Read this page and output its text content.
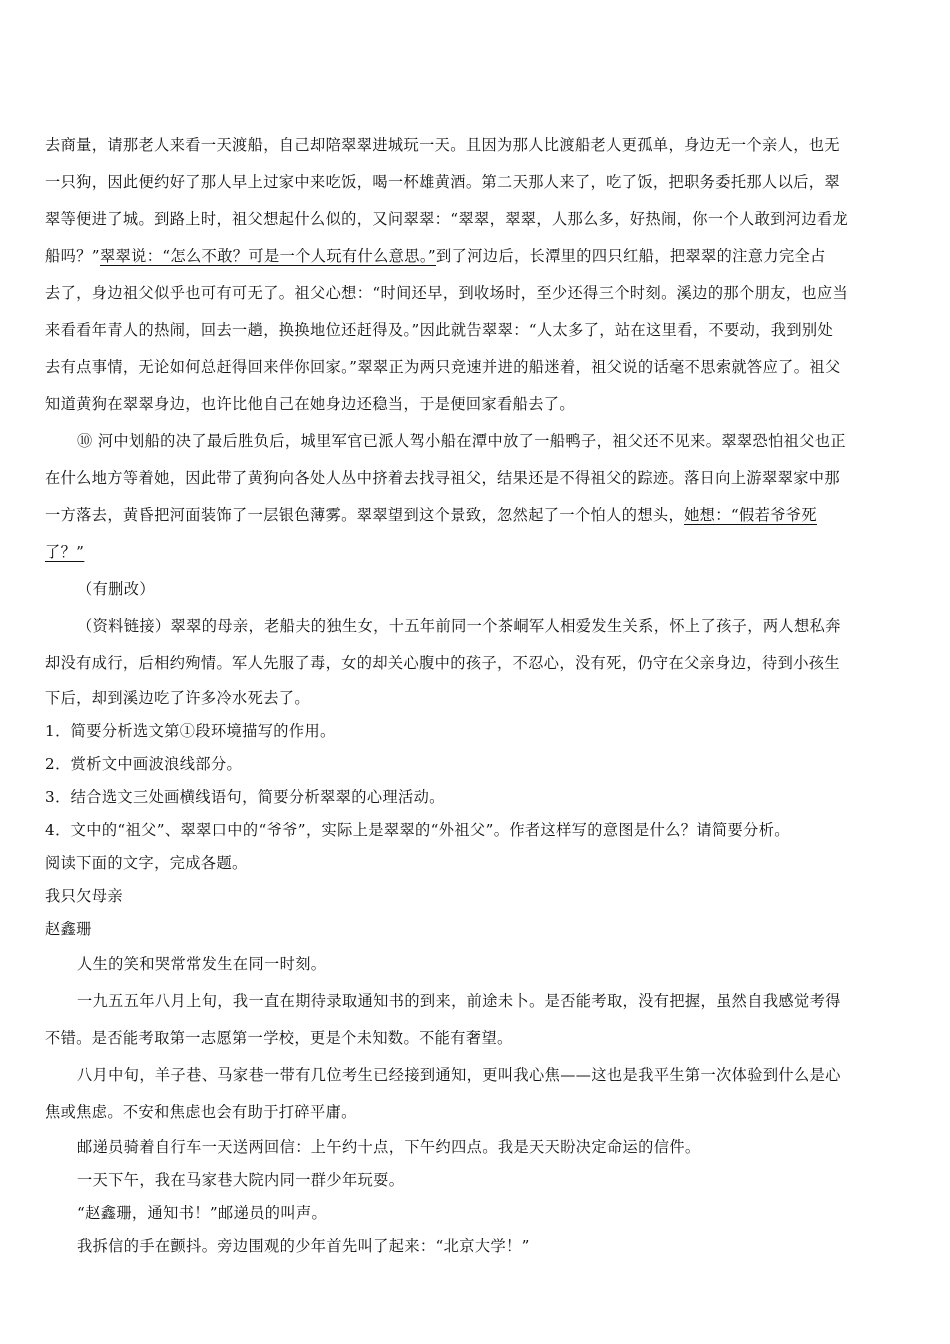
去商量，请那老人来看一天渡船，自己却陪翠翠进城玩一天。且因为那人比渡船老人更孤单，身边无一个亲人，也无
一只狗，因此便约好了那人早上过家中来吃饭，喝一杯雄黄酒。第二天那人来了，吃了饭，把职务委托那人以后，翠
翠等便进了城。到路上时，祖父想起什么似的，又问翠翠：“翠翠，翠翠，人那么多，好热闹，你一个人敢到河边看龙
船吗？”翠翠说：“怎么不敢？可是一个人玩有什么意思。”到了河边后，长潭里的四只红船，把翠翠的注意力完全占
去了，身边祖父似乎也可有可无了。祖父心想：“时间还早，到收场时，至少还得三个时刻。溪边的那个朋友，也应当
来看看年青人的热闹，回去一趟，换换地位还赶得及。”因此就告翠翠：“人太多了，站在这里看，不要动，我到别处
去有点事情，无论如何总赶得回来伴你回家。”翠翠正为两只竞速并进的船迷着，祖父说的话毫不思索就答应了。祖父
知道黄狗在翠翠身边，也许比他自己在她身边还稳当，于是便回家看船去了。
⑩ 河中划船的决了最后胜负后，城里军官已派人驾小船在潭中放了一船鸭子，祖父还不见来。翠翠恐怕祖父也正
在什么地方等着她，因此带了黄狗向各处人丛中挤着去找寻祖父，结果还是不得祖父的踪迹。落日向上游翠翠家中那
一方落去，黄昏把河面装饰了一层银色薄雾。翠翠望到这个景致，忽然起了一个怕人的想头，她想：“假若爷爷死
了？”
（有删改）
（资料链接）翠翠的母亲，老船夫的独生女，十五年前同一个茶峒军人相爱发生关系，怀上了孩子，两人想私奔
却没有成行，后相约殉情。军人先服了毒，女的却关心腹中的孩子，不忍心，没有死，仍守在父亲身边，待到小孩生
下后，却到溪边吃了许多冷水死去了。
1．简要分析选文第①段环境描写的作用。
2．赏析文中画波浪线部分。
3．结合选文三处画横线语句，简要分析翠翠的心理活动。
4．文中的“祖父”、翠翠口中的“爷爷”，实际上是翠翠的“外祖父”。作者这样写的意图是什么？请简要分析。
阅读下面的文字，完成各题。
我只欠母亲
赵鑫珊
人生的笑和哭常常发生在同一时刻。
一九五五年八月上旬，我一直在期待录取通知书的到来，前途未卜。是否能考取，没有把握，虽然自我感觉考得
不错。是否能考取第一志愿第一学校，更是个未知数。不能有奢望。
八月中旬，羊子巷、马家巷一带有几位考生已经接到通知，更叫我心焦——这也是我平生第一次体验到什么是心
焦或焦虑。不安和焦虑也会有助于打碎平庸。
邮递员骑着自行车一天送两回信：上午约十点，下午约四点。我是天天盼决定命运的信件。
一天下午，我在马家巷大院内同一群少年玩耍。
“赵鑫珊，通知书！”邮递员的叫声。
我拆信的手在颤抖。旁边围观的少年首先叫了起来：“北京大学！”
